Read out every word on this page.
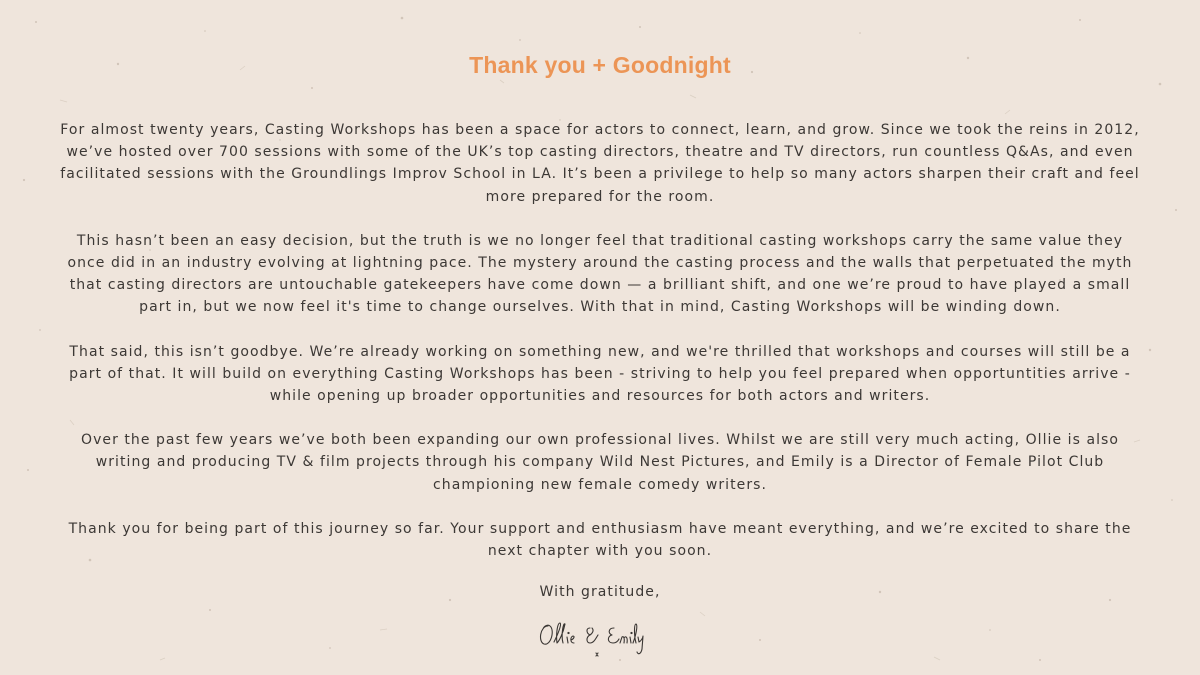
Thank you + Goodnight

For almost twenty years, Casting Workshops has been a space for actors to connect, learn, and grow. Since we took the reins in 2012, we’ve hosted over 700 sessions with some of the UK’s top casting directors, theatre and TV directors, run countless Q&As, and even facilitated sessions with the Groundlings Improv School in LA. It’s been a privilege to help so many actors sharpen their craft and feel more prepared for the room.

This hasn’t been an easy decision, but the truth is we no longer feel that traditional casting workshops carry the same value they once did in an industry evolving at lightning pace. The mystery around the casting process and the walls that perpetuated the myth that casting directors are untouchable gatekeepers have come down — a brilliant shift, and one we’re proud to have played a small part in, but we now feel it's time to change ourselves. With that in mind, Casting Workshops will be winding down.

That said, this isn’t goodbye. We’re already working on something new, and we're thrilled that workshops and courses will still be a part of that. It will build on everything Casting Workshops has been - striving to help you feel prepared when opportuntities arrive - while opening up broader opportunities and resources for both actors and writers.

Over the past few years we’ve both been expanding our own professional lives. Whilst we are still very much acting, Ollie is also writing and producing TV & film projects through his company Wild Nest Pictures, and Emily is a Director of Female Pilot Club championing new female comedy writers.

Thank you for being part of this journey so far. Your support and enthusiasm have meant everything, and we’re excited to share the next chapter with you soon.

With gratitude,
